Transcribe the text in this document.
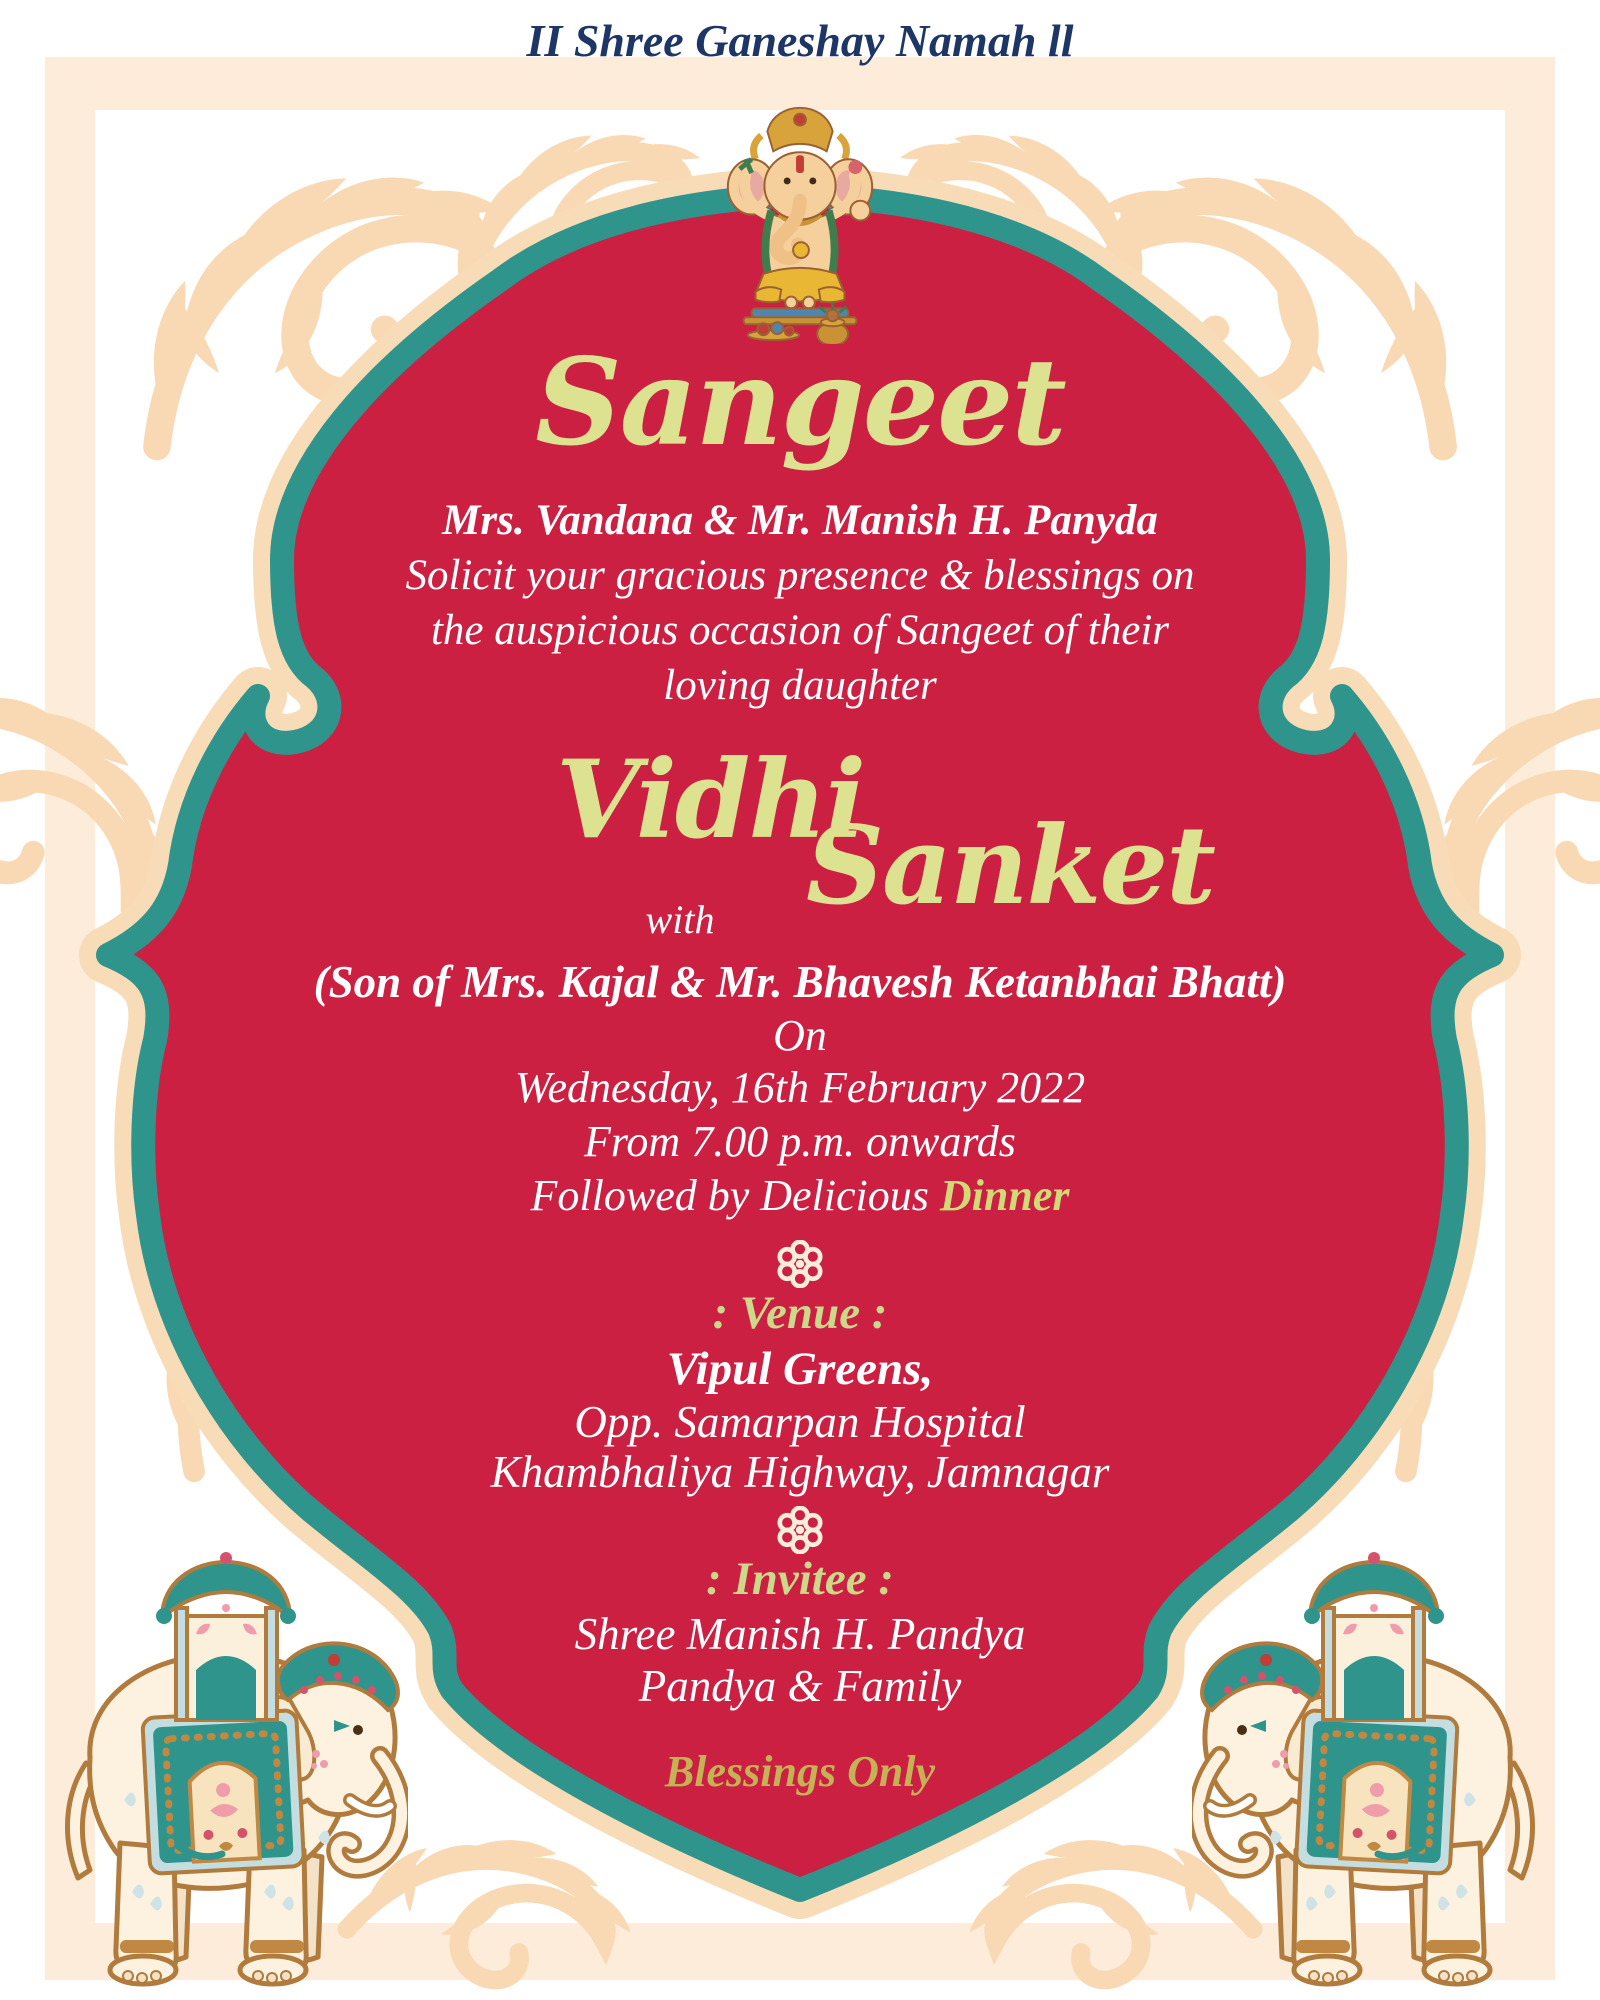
II Shree Ganeshay Namah ll
Sangeet
Mrs. Vandana & Mr. Manish H. Panyda
Solicit your gracious presence & blessings on
the auspicious occasion of Sangeet of their
loving daughter
Vidhi
with Sanket
(Son of Mrs. Kajal & Mr. Bhavesh Ketanbhai Bhatt)
On
Wednesday, 16th February 2022
From 7.00 p.m. onwards
Followed by Delicious Dinner
: Venue :
Vipul Greens,
Opp. Samarpan Hospital
Khambhaliya Highway, Jamnagar
: Invitee :
Shree Manish H. Pandya
Pandya & Family
Blessings Only
